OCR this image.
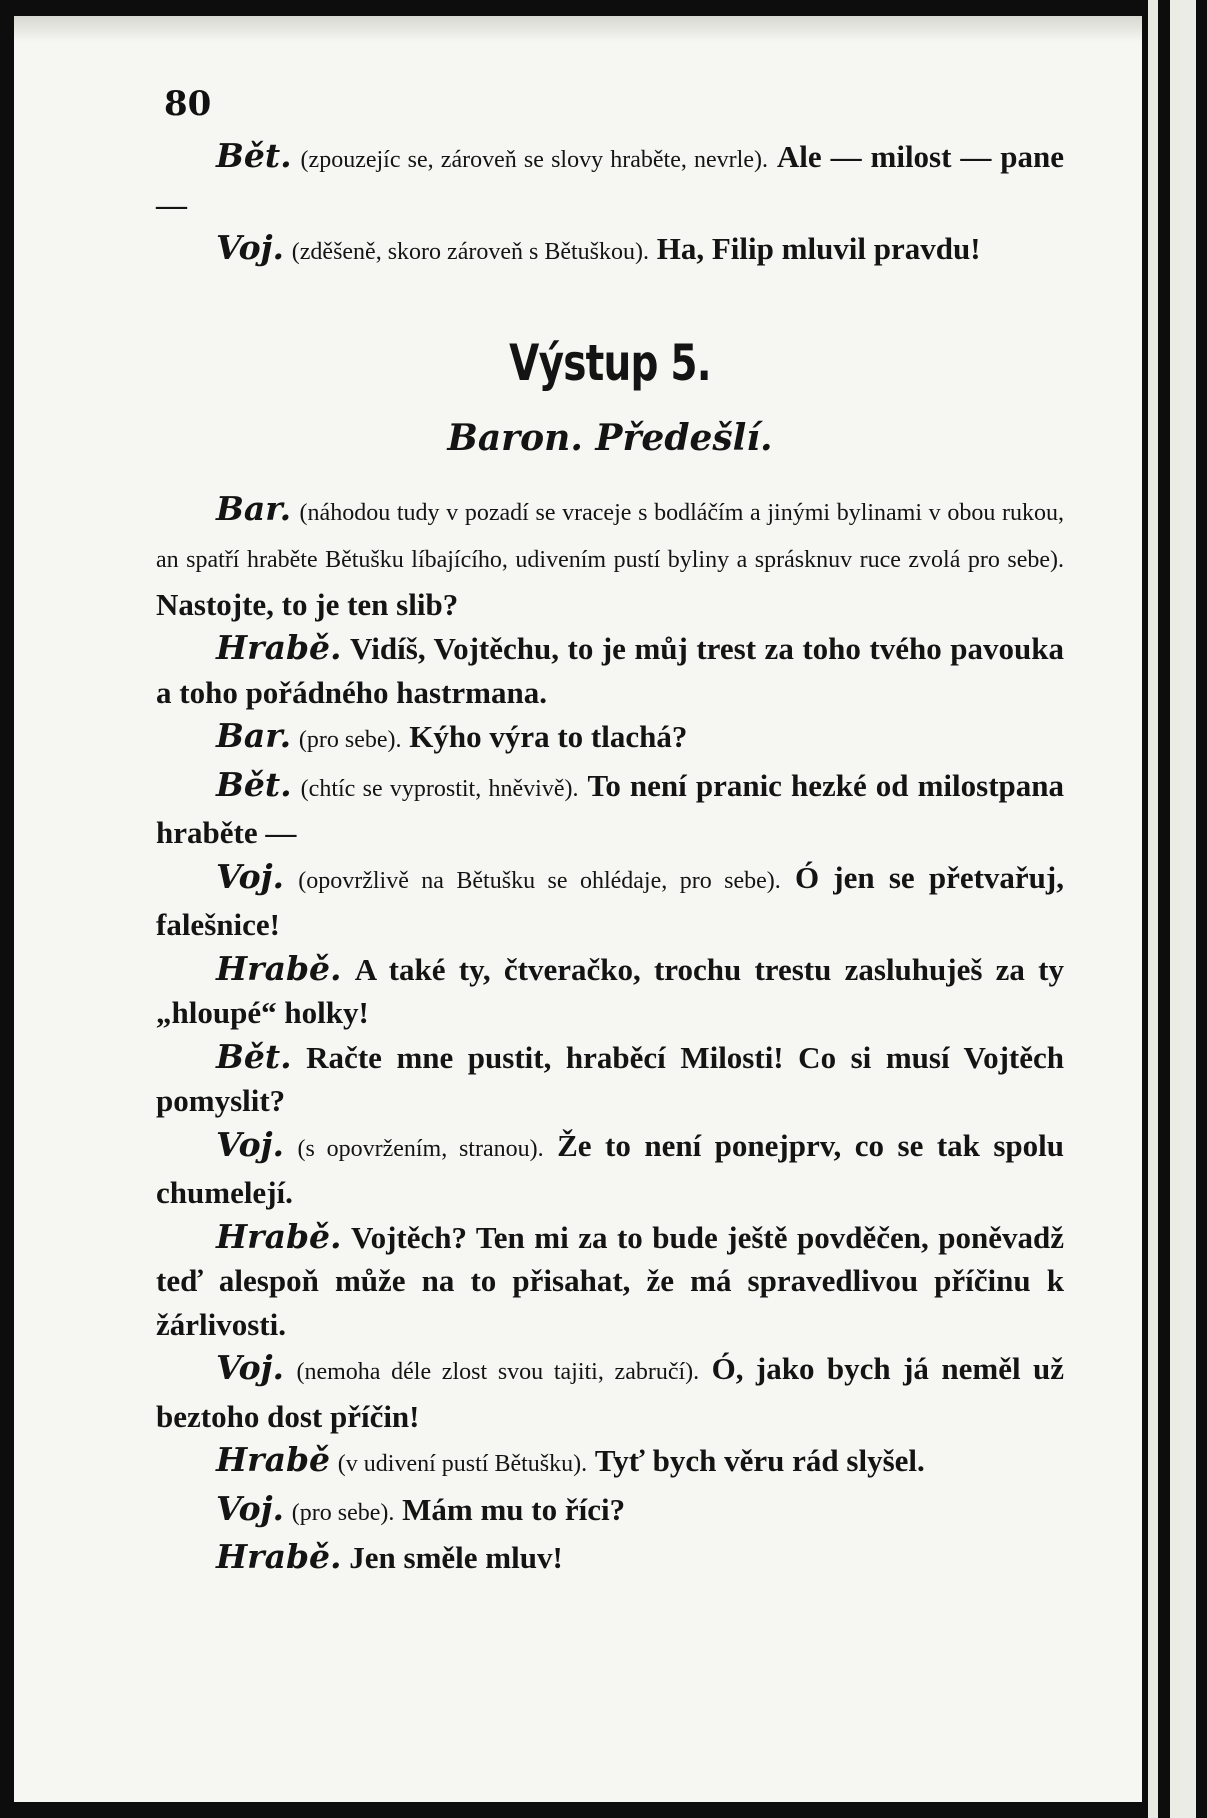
80

Bět. (zpouzejíc se, zároveň se slovy hraběte, nevrle). Ale — milost — pane —

Voj. (zděšeně, skoro zároveň s Bětuškou). Ha, Filip mluvil pravdu!

Výstup 5.
Baron. Předešlí.

Bar. (náhodou tudy v pozadí se vraceje s bodláčím a jinými bylinami v obou rukou, an spatří hraběte Bětušku líbajícího, udivením pustí byliny a sprásknuv ruce zvolá pro sebe). Nastojte, to je ten slib?

Hrabě. Vidíš, Vojtěchu, to je můj trest za toho tvého pavouka a toho pořádného hastrmana.

Bar. (pro sebe). Kýho výra to tlachá?

Bět. (chtíc se vyprostit, hněvivě). To není pranic hezké od milostpana hraběte —

Voj. (opovržlivě na Bětušku se ohlédaje, pro sebe). Ó jen se přetvařuj, falešnice!

Hrabě. A také ty, čtveračko, trochu trestu zasluhuješ za ty „hloupé“ holky!

Bět. Račte mne pustit, hraběcí Milosti! Co si musí Vojtěch pomyslit?

Voj. (s opovržením, stranou). Že to není ponejprv, co se tak spolu chumelejí.

Hrabě. Vojtěch? Ten mi za to bude ještě povděčen, poněvadž teď alespoň může na to přisahat, že má spravedlivou příčinu k žárlivosti.

Voj. (nemoha déle zlost svou tajiti, zabručí). Ó, jako bych já neměl už beztoho dost příčin!

Hrabě (v udivení pustí Bětušku). Tyť bych věru rád slyšel.

Voj. (pro sebe). Mám mu to říci?

Hrabě. Jen směle mluv!
